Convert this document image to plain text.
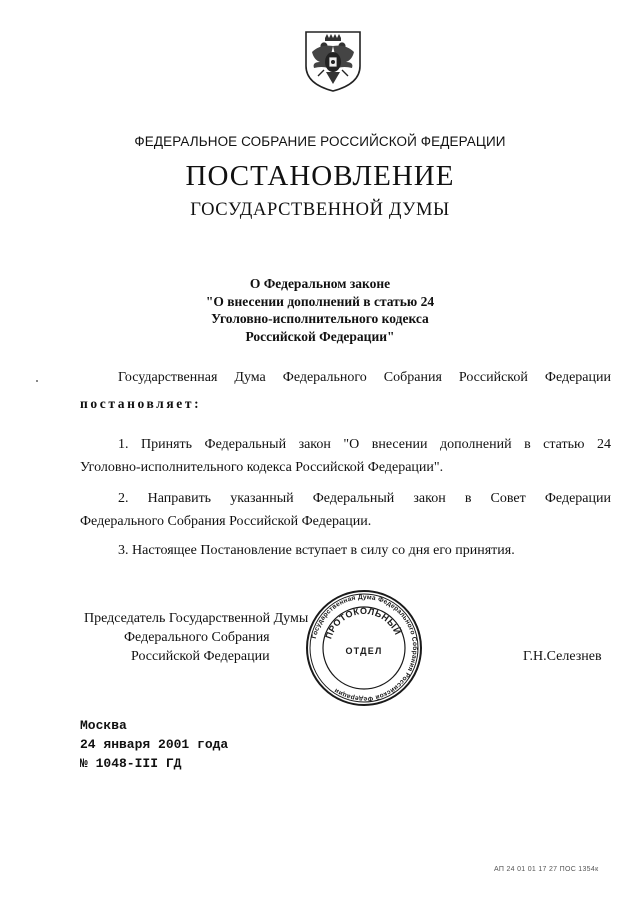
ФЕДЕРАЛЬНОЕ СОБРАНИЕ РОССИЙСКОЙ ФЕДЕРАЦИИ
ПОСТАНОВЛЕНИЕ
ГОСУДАРСТВЕННОЙ ДУМЫ
О Федеральном законе
"О внесении дополнений в статью 24
Уголовно-исполнительного кодекса
Российской Федерации"
Государственная Дума Федерального Собрания Российской Федерации
постановляет:
1. Принять Федеральный закон "О внесении дополнений в статью 24
Уголовно-исполнительного кодекса Российской Федерации".
2. Направить указанный Федеральный закон в Совет Федерации
Федерального Собрания Российской Федерации.
3. Настоящее Постановление вступает в силу со дня его принятия.
Председатель Государственной Думы
Федерального Собрания
Российской Федерации
Государственная Дума Федерального Собрания Российской Федерации
ПРОТОКОЛЬНЫЙ
ОТДЕЛ	Г.Н.Селезнев
Москва
24 января 2001 года
№ 1048-III ГД
АП 24 01 01 17 27 ПОС 1354к
